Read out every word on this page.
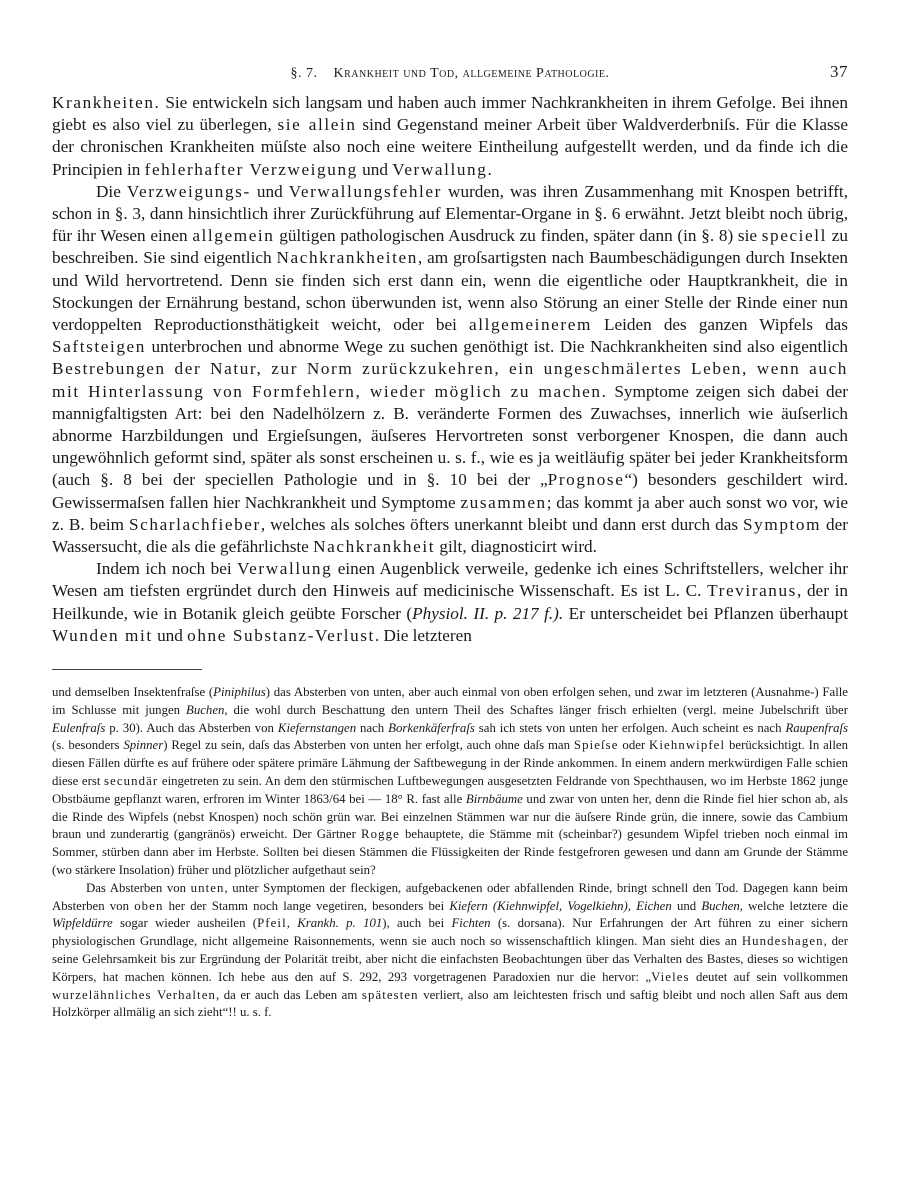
§. 7. Krankheit und Tod, allgemeine Pathologie.	37

Krankheiten. Sie entwickeln sich langsam und haben auch immer Nachkrankheiten in ihrem Gefolge. Bei ihnen giebt es also viel zu überlegen, sie allein sind Gegenstand meiner Arbeit über Waldverderbniſs. Für die Klasse der chronischen Krankheiten müſste also noch eine weitere Eintheilung aufgestellt werden, und da finde ich die Principien in fehlerhafter Verzweigung und Verwallung.

Die Verzweigungs- und Verwallungsfehler wurden, was ihren Zusammenhang mit Knospen betrifft, schon in §. 3, dann hinsichtlich ihrer Zurückführung auf Elementar-Organe in §. 6 erwähnt. Jetzt bleibt noch übrig, für ihr Wesen einen allgemein gültigen pathologischen Ausdruck zu finden, später dann (in §. 8) sie speciell zu beschreiben. Sie sind eigentlich Nachkrankheiten, am groſsartigsten nach Baumbeschädigungen durch Insekten und Wild hervortretend. Denn sie finden sich erst dann ein, wenn die eigentliche oder Hauptkrankheit, die in Stockungen der Ernährung bestand, schon überwunden ist, wenn also Störung an einer Stelle der Rinde einer nun verdoppelten Reproductionsthätigkeit weicht, oder bei allgemeinerem Leiden des ganzen Wipfels das Saftsteigen unterbrochen und abnorme Wege zu suchen genöthigt ist. Die Nachkrankheiten sind also eigentlich Bestrebungen der Natur, zur Norm zurückzukehren, ein ungeschmälertes Leben, wenn auch mit Hinterlassung von Formfehlern, wieder möglich zu machen. Symptome zeigen sich dabei der mannigfaltigsten Art: bei den Nadelhölzern z. B. veränderte Formen des Zuwachses, innerlich wie äuſserlich abnorme Harzbildungen und Ergieſsungen, äuſseres Hervortreten sonst verborgener Knospen, die dann auch ungewöhnlich geformt sind, später als sonst erscheinen u. s. f., wie es ja weitläufig später bei jeder Krankheitsform (auch §. 8 bei der speciellen Pathologie und in §. 10 bei der „Prognose“) besonders geschildert wird. Gewissermaſsen fallen hier Nachkrankheit und Symptome zusammen; das kommt ja aber auch sonst wo vor, wie z. B. beim Scharlachfieber, welches als solches öfters unerkannt bleibt und dann erst durch das Symptom der Wassersucht, die als die gefährlichste Nachkrankheit gilt, diagnosticirt wird.

Indem ich noch bei Verwallung einen Augenblick verweile, gedenke ich eines Schriftstellers, welcher ihr Wesen am tiefsten ergründet durch den Hinweis auf medicinische Wissenschaft. Es ist L. C. Treviranus, der in Heilkunde, wie in Botanik gleich geübte Forscher (Physiol. II. p. 217 f.). Er unterscheidet bei Pflanzen überhaupt Wunden mit und ohne Substanz-Verlust. Die letzteren

und demselben Insektenfraſse (Piniphilus) das Absterben von unten, aber auch einmal von oben erfolgen sehen, und zwar im letzteren (Ausnahme-) Falle im Schlusse mit jungen Buchen, die wohl durch Beschattung den untern Theil des Schaftes länger frisch erhielten (vergl. meine Jubelschrift über Eulenfraſs p. 30). Auch das Absterben von Kiefernstangen nach Borkenkäferfraſs sah ich stets von unten her erfolgen. Auch scheint es nach Raupenfraſs (s. besonders Spinner) Regel zu sein, daſs das Absterben von unten her erfolgt, auch ohne daſs man Spieſse oder Kiehnwipfel berücksichtigt. In allen diesen Fällen dürfte es auf frühere oder spätere primäre Lähmung der Saftbewegung in der Rinde ankommen. In einem andern merkwürdigen Falle schien diese erst secundär eingetreten zu sein. An dem den stürmischen Luftbewegungen ausgesetzten Feldrande von Spechthausen, wo im Herbste 1862 junge Obstbäume gepflanzt waren, erfroren im Winter 1863/64 bei — 18° R. fast alle Birnbäume und zwar von unten her, denn die Rinde fiel hier schon ab, als die Rinde des Wipfels (nebst Knospen) noch schön grün war. Bei einzelnen Stämmen war nur die äuſsere Rinde grün, die innere, sowie das Cambium braun und zunderartig (gangränös) erweicht. Der Gärtner Rogge behauptete, die Stämme mit (scheinbar?) gesundem Wipfel trieben noch einmal im Sommer, stürben dann aber im Herbste. Sollten bei diesen Stämmen die Flüssigkeiten der Rinde festgefroren gewesen und dann am Grunde der Stämme (wo stärkere Insolation) früher und plötzlicher aufgethaut sein?

Das Absterben von unten, unter Symptomen der fleckigen, aufgebackenen oder abfallenden Rinde, bringt schnell den Tod. Dagegen kann beim Absterben von oben her der Stamm noch lange vegetiren, besonders bei Kiefern (Kiehnwipfel, Vogelkiehn), Eichen und Buchen, welche letztere die Wipfeldürre sogar wieder ausheilen (Pfeil, Krankh. p. 101), auch bei Fichten (s. dorsana). Nur Erfahrungen der Art führen zu einer sichern physiologischen Grundlage, nicht allgemeine Raisonnements, wenn sie auch noch so wissenschaftlich klingen. Man sieht dies an Hundeshagen, der seine Gelehrsamkeit bis zur Ergründung der Polarität treibt, aber nicht die einfachsten Beobachtungen über das Verhalten des Bastes, dieses so wichtigen Körpers, hat machen können. Ich hebe aus den auf S. 292, 293 vorgetragenen Paradoxien nur die hervor: „Vieles deutet auf sein vollkommen wurzelähnliches Verhalten, da er auch das Leben am spätesten verliert, also am leichtesten frisch und saftig bleibt und noch allen Saft aus dem Holzkörper allmälig an sich zieht“!! u. s. f.
